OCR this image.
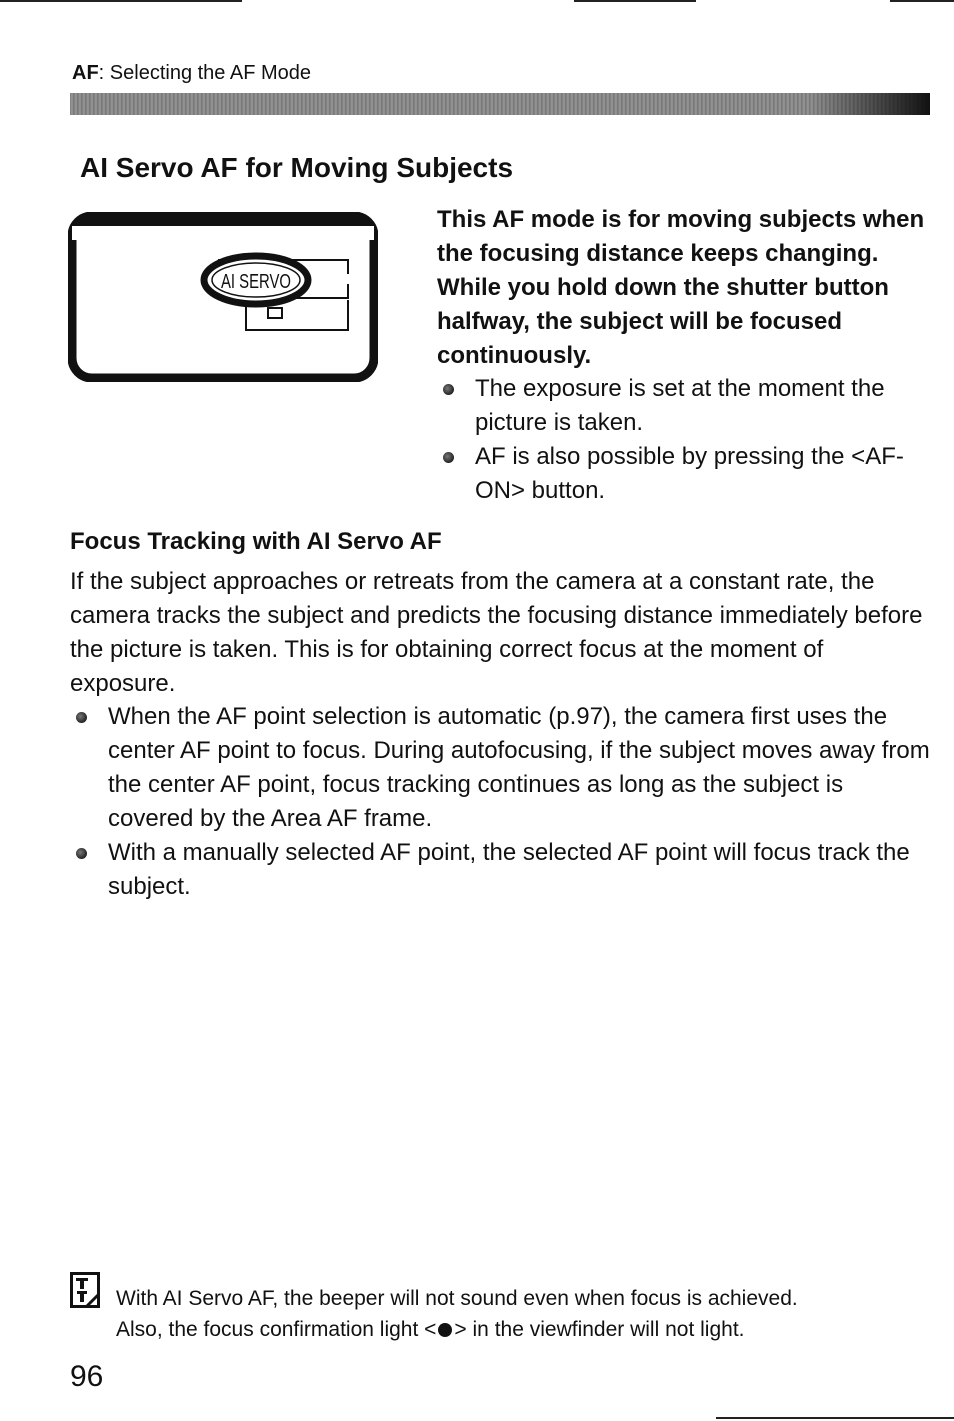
AF: Selecting the AF Mode
AI Servo AF for Moving Subjects
AI SERVO
This AF mode is for moving subjects when the focusing distance keeps changing. While you hold down the shutter button halfway, the subject will be focused continuously.
The exposure is set at the moment the picture is taken.
AF is also possible by pressing the <AF-ON> button.
Focus Tracking with AI Servo AF
If the subject approaches or retreats from the camera at a constant rate, the camera tracks the subject and predicts the focusing distance immediately before the picture is taken. This is for obtaining correct focus at the moment of exposure.
When the AF point selection is automatic (p.97), the camera first uses the center AF point to focus. During autofocusing, if the subject moves away from the center AF point, focus tracking continues as long as the subject is covered by the Area AF frame.
With a manually selected AF point, the selected AF point will focus track the subject.
With AI Servo AF, the beeper will not sound even when focus is achieved.
Also, the focus confirmation light < > in the viewfinder will not light.
96
